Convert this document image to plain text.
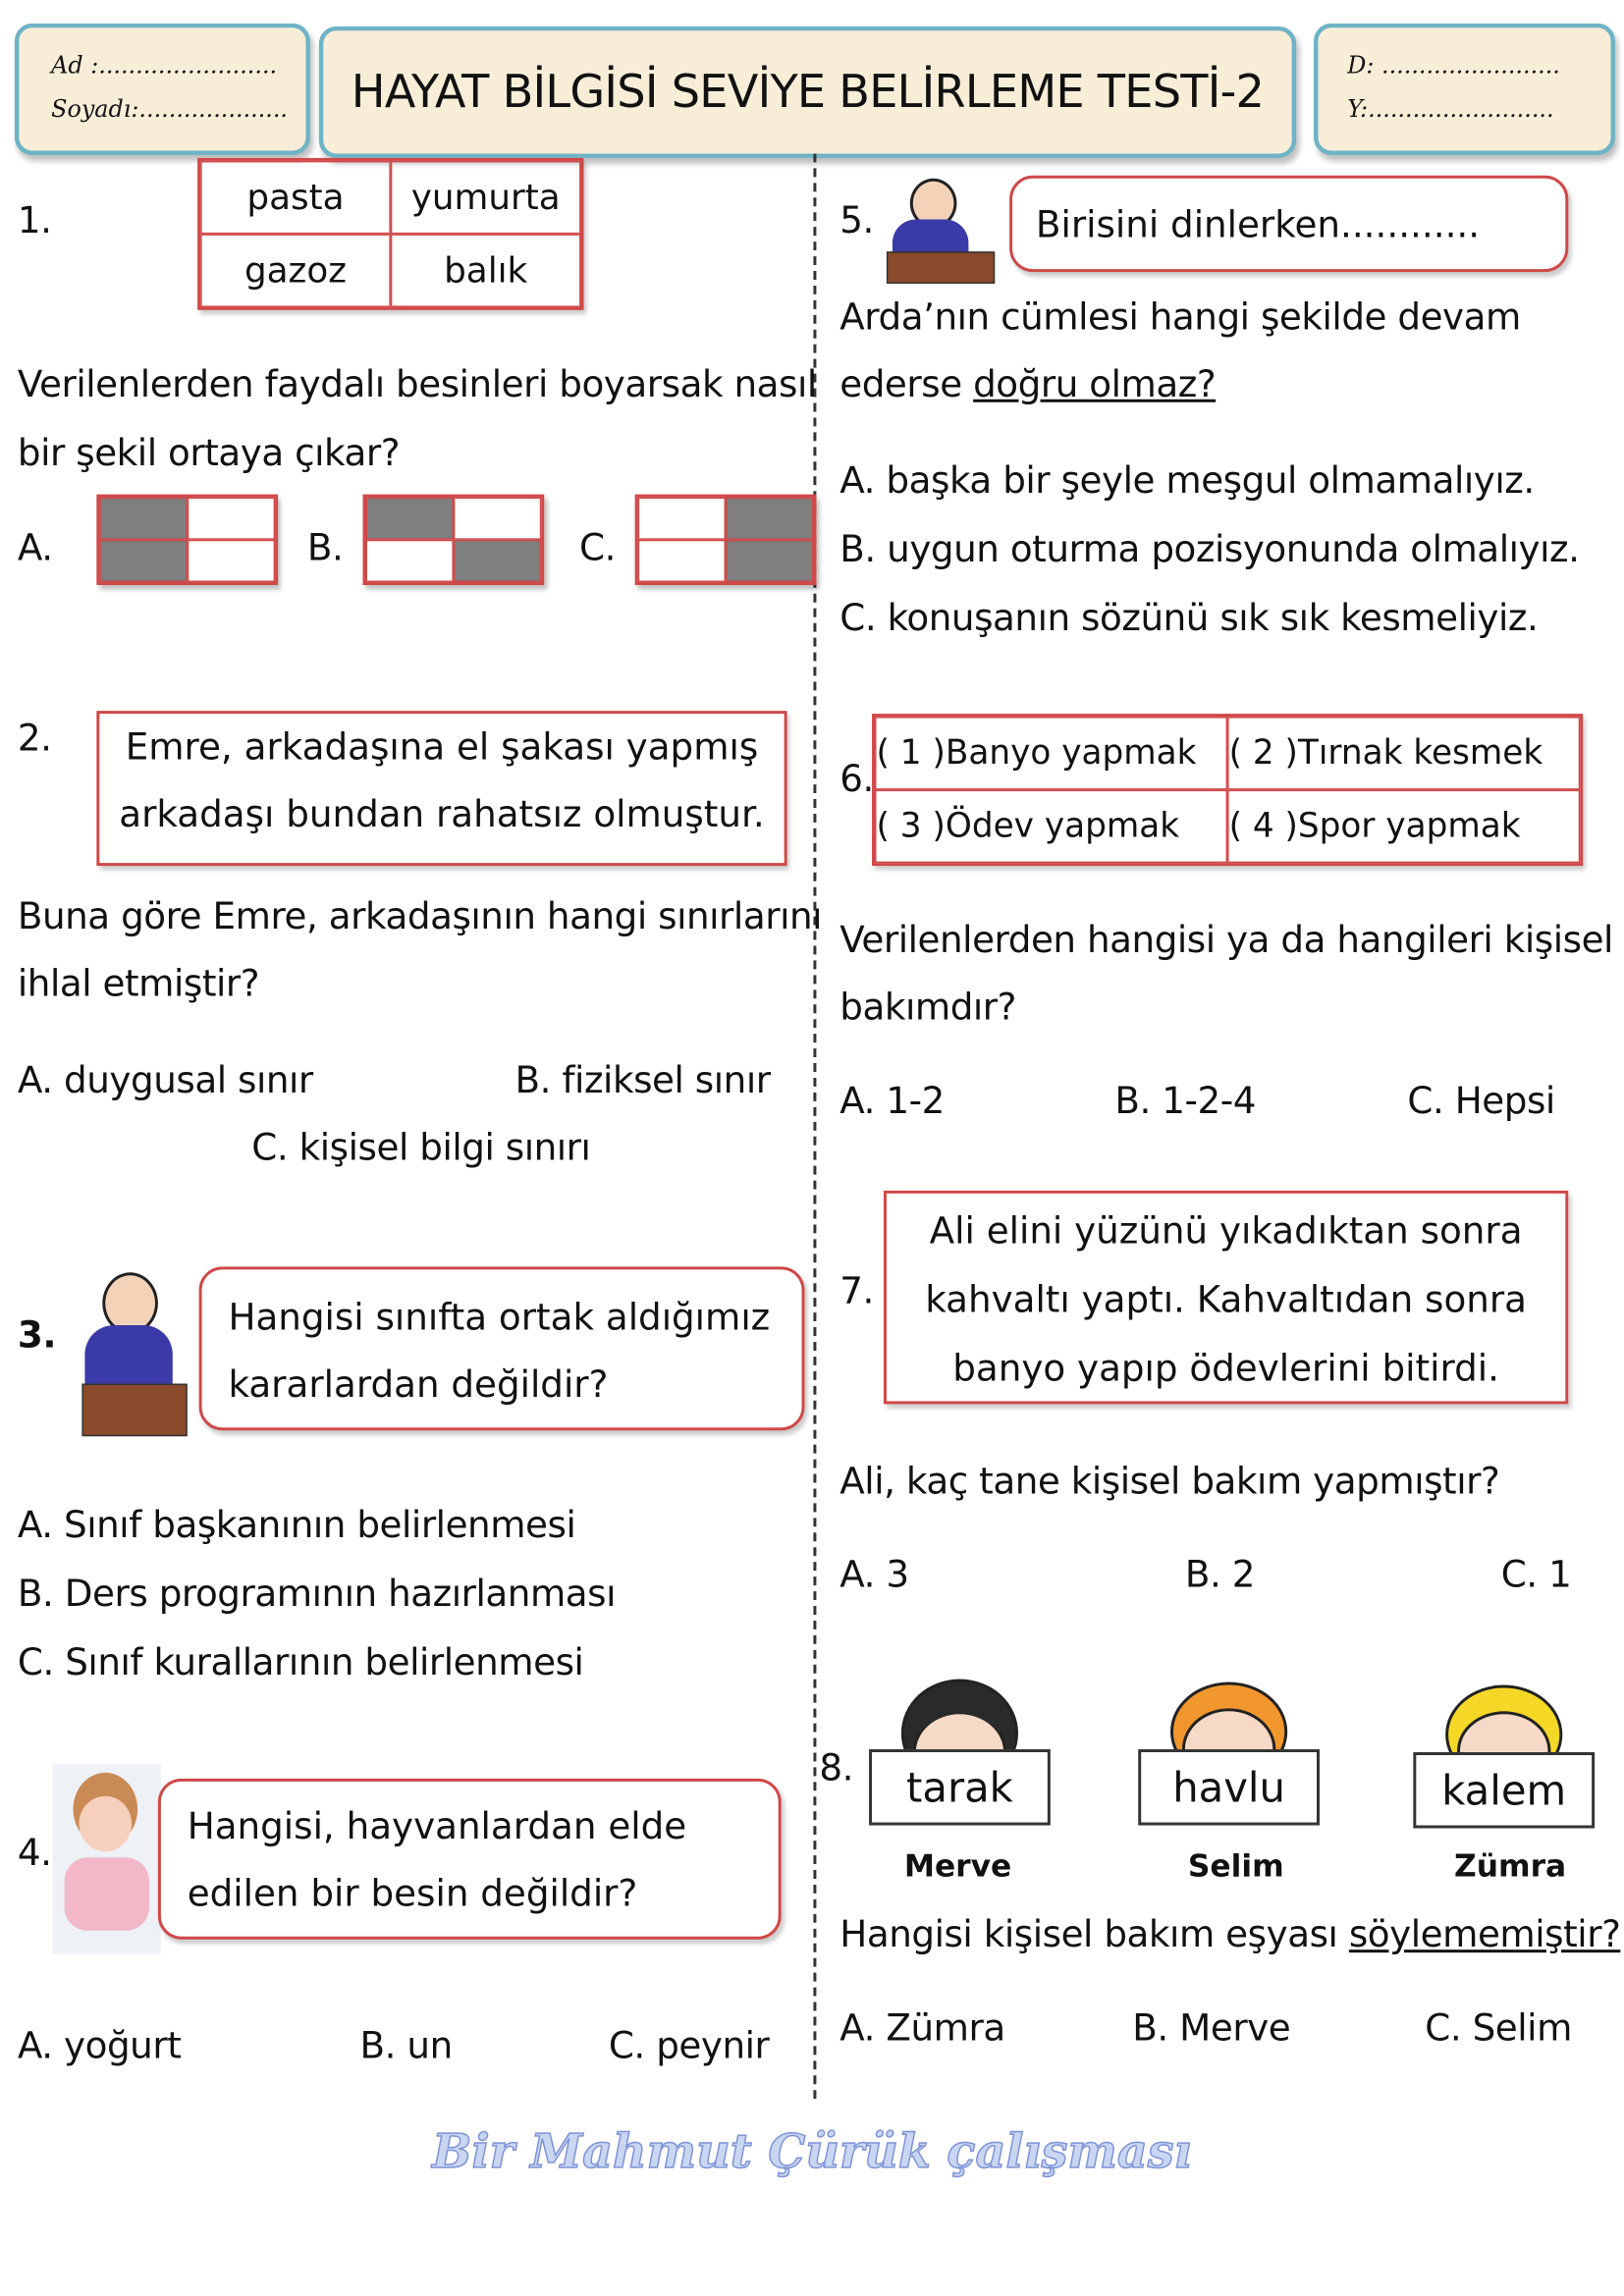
Ad :........................
Soyadı:.................... HAYAT BİLGİSİ SEVİYE BELİRLEME TESTİ-2
D: ........................
Y:.........................
1.
pasta	yumurta
gazoz	balık
Verilenlerden faydalı besinleri boyarsak nasıl
bir şekil ortaya çıkar?
A.	B.	C.
2.	Emre, arkadaşına el şakası yapmış
arkadaşı bundan rahatsız olmuştur.
Buna göre Emre, arkadaşının hangi sınırlarını
ihlal etmiştir?
A. duygusal sınır	B. fiziksel sınır
C. kişisel bilgi sınırı
3.	Hangisi sınıfta ortak aldığımız
kararlardan değildir?
A. Sınıf başkanının belirlenmesi
B. Ders programının hazırlanması
C. Sınıf kurallarının belirlenmesi
4.
Hangisi, hayvanlardan elde
edilen bir besin değildir?
A. yoğurt	B. un	C. peynir
5.	Birisini dinlerken............
Arda’nın cümlesi hangi şekilde devam
ederse doğru olmaz?
A. başka bir şeyle meşgul olmamalıyız.
B. uygun oturma pozisyonunda olmalıyız.
C. konuşanın sözünü sık sık kesmeliyiz.
6.
( 1 )Banyo yapmak	( 2 )Tırnak kesmek
( 3 )Ödev yapmak	( 4 )Spor yapmak
Verilenlerden hangisi ya da hangileri kişisel
bakımdır?
A. 1-2	B. 1-2-4	C. Hepsi
7.
Ali elini yüzünü yıkadıktan sonra
kahvaltı yaptı. Kahvaltıdan sonra
banyo yapıp ödevlerini bitirdi.
Ali, kaç tane kişisel bakım yapmıştır?
A. 3	B. 2	C. 1
8.	tarak
Merve
havlu
Selim
kalem
Zümra
Hangisi kişisel bakım eşyası söylememiştir?
A. Zümra	B. Merve	C. Selim
Bir Mahmut Çürük çalışması
